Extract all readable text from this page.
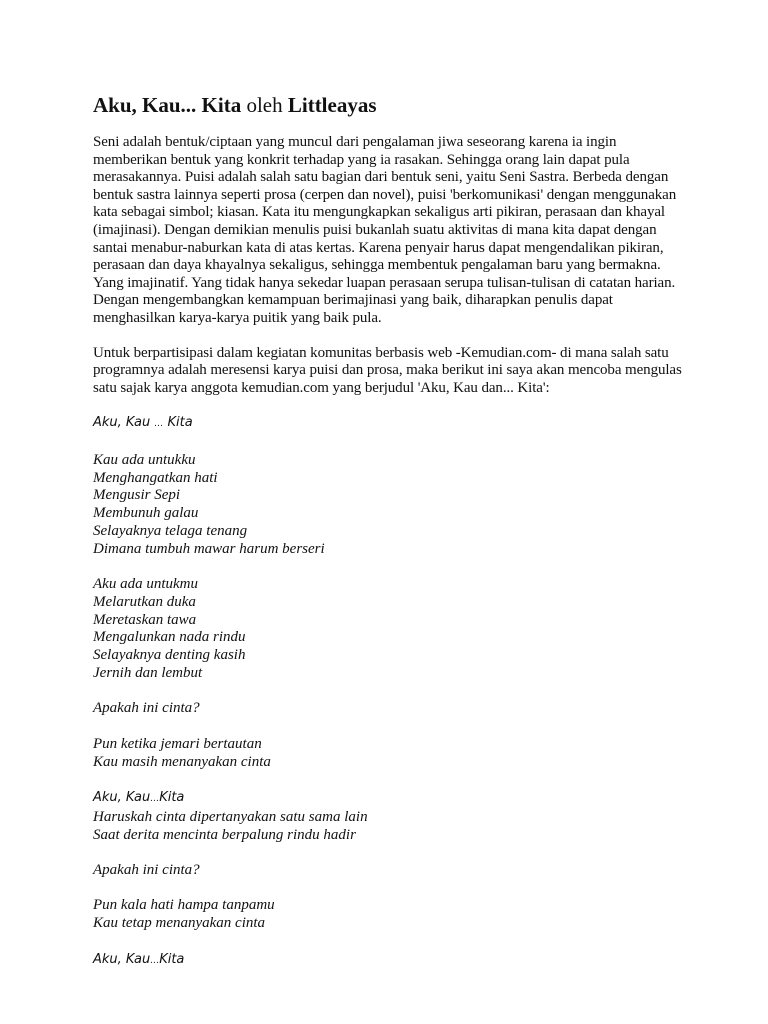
Aku, Kau... Kita oleh Littleayas

Seni adalah bentuk/ciptaan yang muncul dari pengalaman jiwa seseorang karena ia ingin memberikan bentuk yang konkrit terhadap yang ia rasakan. Sehingga orang lain dapat pula merasakannya. Puisi adalah salah satu bagian dari bentuk seni, yaitu Seni Sastra. Berbeda dengan bentuk sastra lainnya seperti prosa (cerpen dan novel), puisi 'berkomunikasi' dengan menggunakan kata sebagai simbol; kiasan. Kata itu mengungkapkan sekaligus arti pikiran, perasaan dan khayal (imajinasi). Dengan demikian menulis puisi bukanlah suatu aktivitas di mana kita dapat dengan santai menabur-naburkan kata di atas kertas. Karena penyair harus dapat mengendalikan pikiran, perasaan dan daya khayalnya sekaligus, sehingga membentuk pengalaman baru yang bermakna. Yang imajinatif. Yang tidak hanya sekedar luapan perasaan serupa tulisan-tulisan di catatan harian. Dengan mengembangkan kemampuan berimajinasi yang baik, diharapkan penulis dapat menghasilkan karya-karya puitik yang baik pula.

Untuk berpartisipasi dalam kegiatan komunitas berbasis web -Kemudian.com- di mana salah satu programnya adalah meresensi karya puisi dan prosa, maka berikut ini saya akan mencoba mengulas satu sajak karya anggota kemudian.com yang berjudul 'Aku, Kau dan... Kita':

Aku, Kau … Kita
Kau ada untukku
Menghangatkan hati
Mengusir Sepi
Membunuh galau
Selayaknya telaga tenang
Dimana tumbuh mawar harum berseri
Aku ada untukmu
Melarutkan duka
Meretaskan tawa
Mengalunkan nada rindu
Selayaknya denting kasih
Jernih dan lembut
Apakah ini cinta?
Pun ketika jemari bertautan
Kau masih menanyakan cinta
Aku, Kau…Kita
Haruskah cinta dipertanyakan satu sama lain
Saat derita mencinta berpalung rindu hadir
Apakah ini cinta?
Pun kala hati hampa tanpamu
Kau tetap menanyakan cinta
Aku, Kau…Kita
